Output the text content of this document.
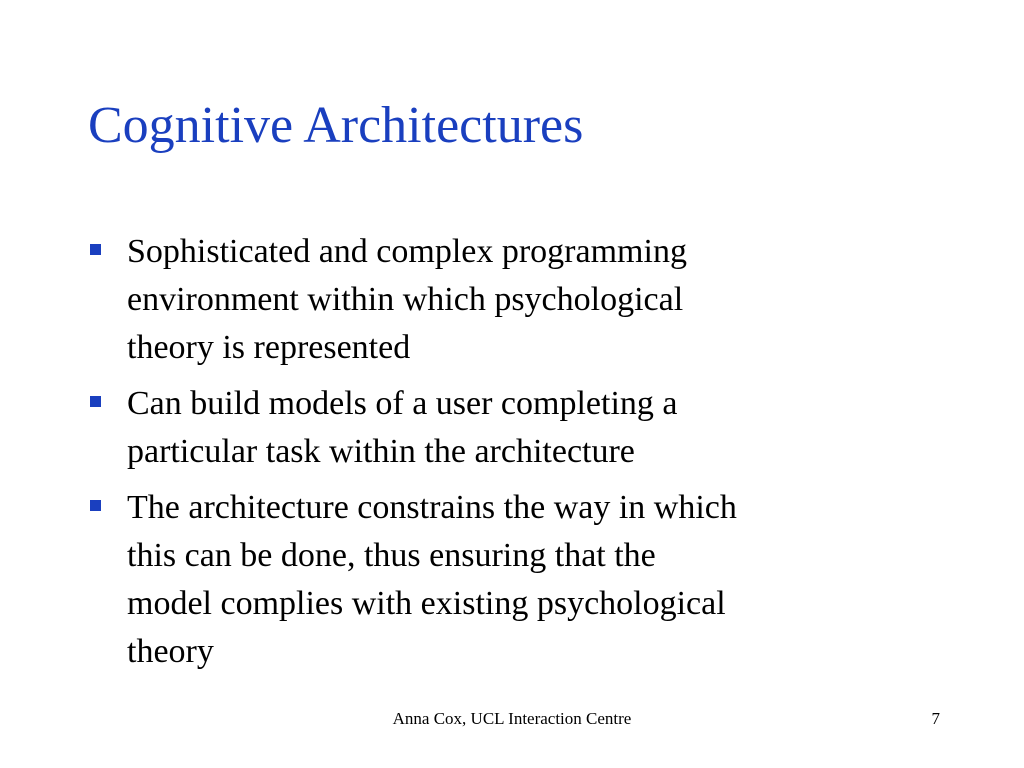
Cognitive Architectures
Sophisticated and complex programming
environment within which psychological
theory is represented
Can build models of a user completing a
particular task within the architecture
The architecture constrains the way in which
this can be done, thus ensuring that the
model complies with existing psychological
theory
Anna Cox, UCL Interaction Centre	7
